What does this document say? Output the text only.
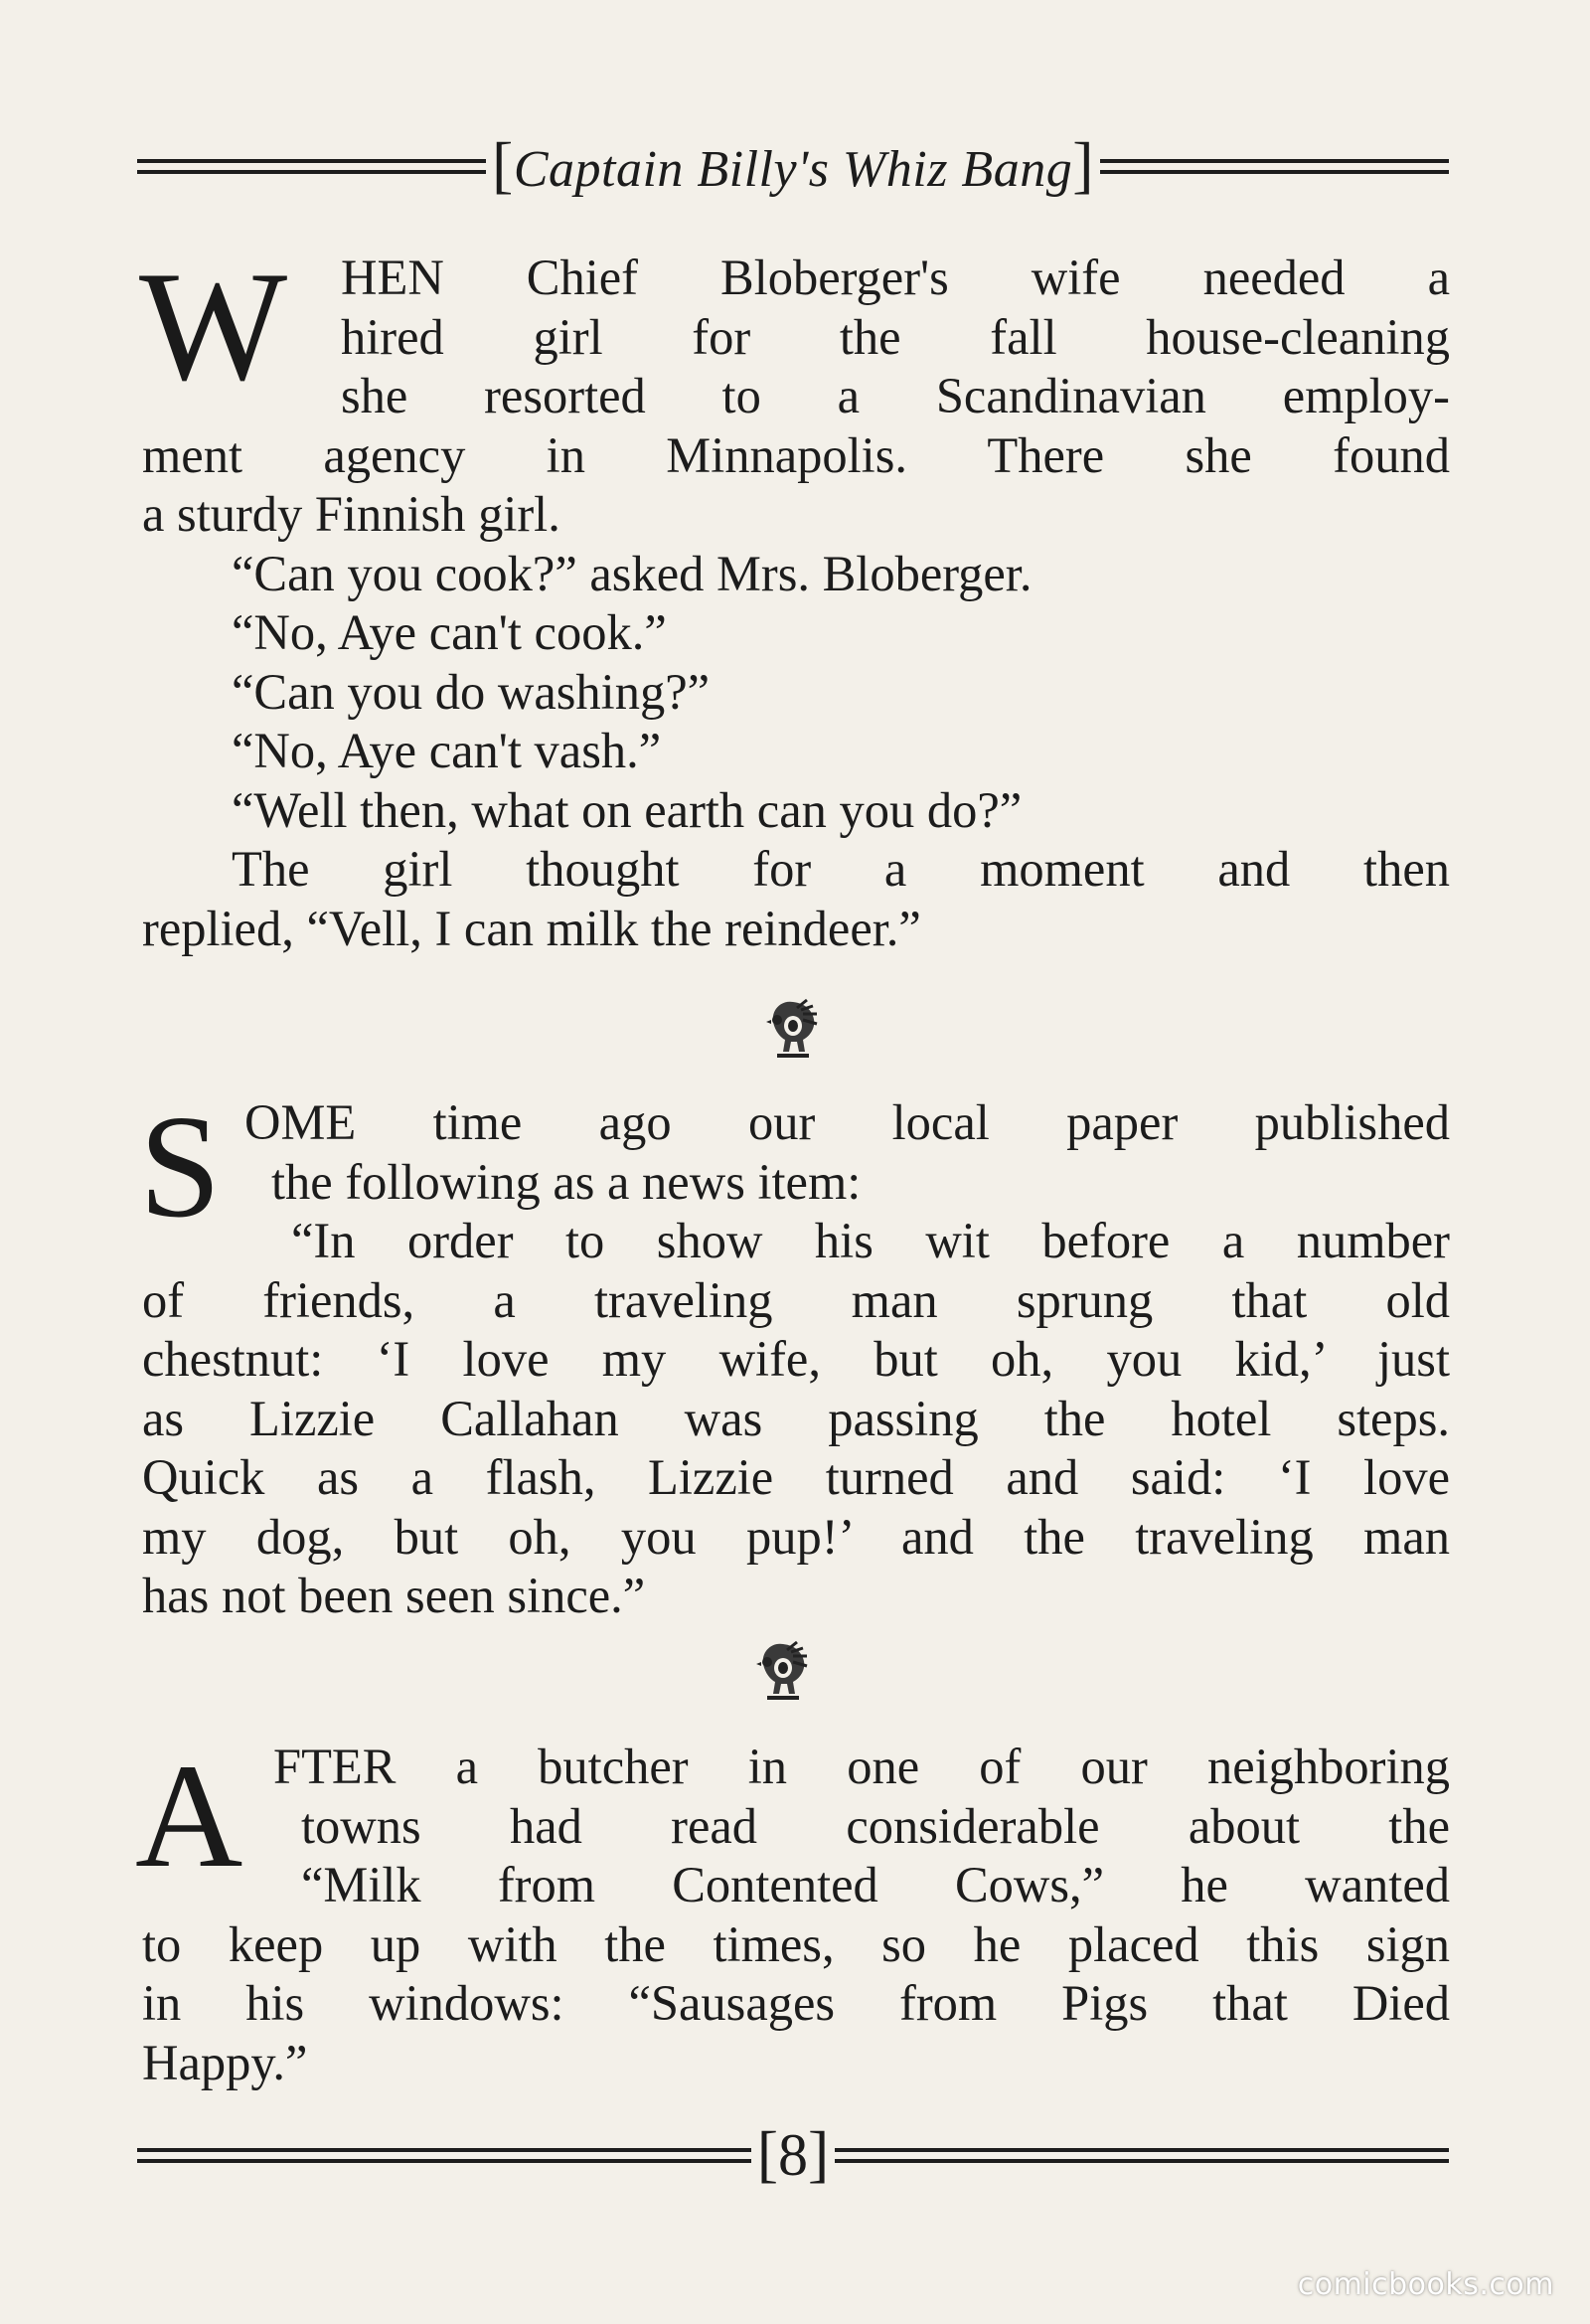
[Captain Billy's Whiz Bang]
W	HEN Chief Bloberger's wife needed a
hired girl for the fall house-cleaning
she resorted to a Scandinavian employ-
ment agency in Minnapolis. There she found
a sturdy Finnish girl.
“Can you cook?” asked Mrs. Bloberger.
“No, Aye can't cook.”
“Can you do washing?”
“No, Aye can't vash.”
“Well then, what on earth can you do?”
The girl thought for a moment and then
replied, “Vell, I can milk the reindeer.”
S OME time ago our local paper published
the following as a news item:
“In order to show his wit before a number
of friends, a traveling man sprung that old
chestnut: ‘I love my wife, but oh, you kid,’ just
as Lizzie Callahan was passing the hotel steps.
Quick as a flash, Lizzie turned and said: ‘I love
my dog, but oh, you pup!’ and the traveling man
has not been seen since.”
A FTER a butcher in one of our neighboring
towns had read considerable about the
“Milk from Contented Cows,” he wanted
to keep up with the times, so he placed this sign
in his windows: “Sausages from Pigs that Died
Happy.”
[8]
comicbooks.com
